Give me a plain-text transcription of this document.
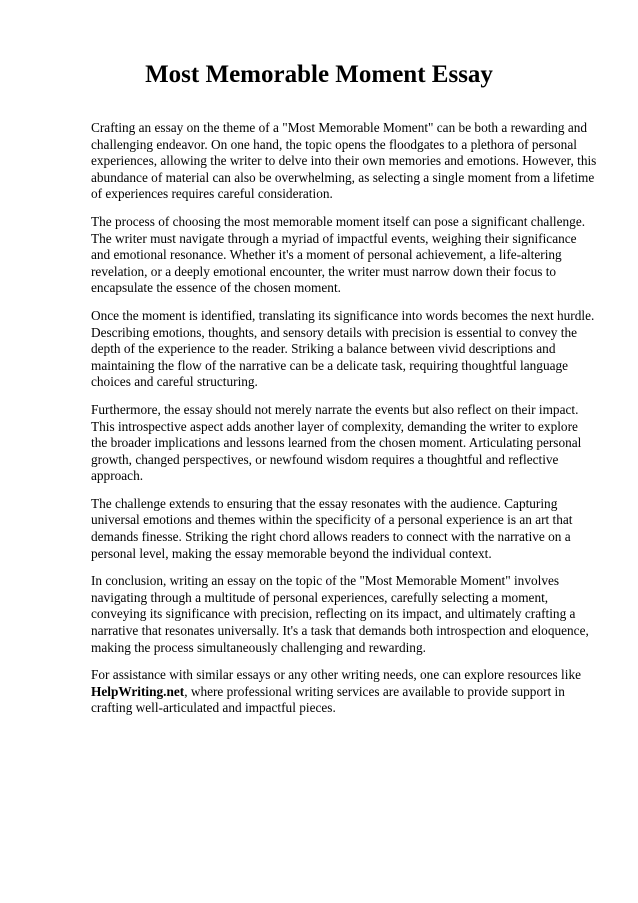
Most Memorable Moment Essay

Crafting an essay on the theme of a "Most Memorable Moment" can be both a rewarding and challenging endeavor. On one hand, the topic opens the floodgates to a plethora of personal experiences, allowing the writer to delve into their own memories and emotions. However, this abundance of material can also be overwhelming, as selecting a single moment from a lifetime of experiences requires careful consideration.

The process of choosing the most memorable moment itself can pose a significant challenge. The writer must navigate through a myriad of impactful events, weighing their significance and emotional resonance. Whether it's a moment of personal achievement, a life-altering revelation, or a deeply emotional encounter, the writer must narrow down their focus to encapsulate the essence of the chosen moment.

Once the moment is identified, translating its significance into words becomes the next hurdle. Describing emotions, thoughts, and sensory details with precision is essential to convey the depth of the experience to the reader. Striking a balance between vivid descriptions and maintaining the flow of the narrative can be a delicate task, requiring thoughtful language choices and careful structuring.

Furthermore, the essay should not merely narrate the events but also reflect on their impact. This introspective aspect adds another layer of complexity, demanding the writer to explore the broader implications and lessons learned from the chosen moment. Articulating personal growth, changed perspectives, or newfound wisdom requires a thoughtful and reflective approach.

The challenge extends to ensuring that the essay resonates with the audience. Capturing universal emotions and themes within the specificity of a personal experience is an art that demands finesse. Striking the right chord allows readers to connect with the narrative on a personal level, making the essay memorable beyond the individual context.

In conclusion, writing an essay on the topic of the "Most Memorable Moment" involves navigating through a multitude of personal experiences, carefully selecting a moment, conveying its significance with precision, reflecting on its impact, and ultimately crafting a narrative that resonates universally. It's a task that demands both introspection and eloquence, making the process simultaneously challenging and rewarding.

For assistance with similar essays or any other writing needs, one can explore resources like HelpWriting.net, where professional writing services are available to provide support in crafting well-articulated and impactful pieces.
